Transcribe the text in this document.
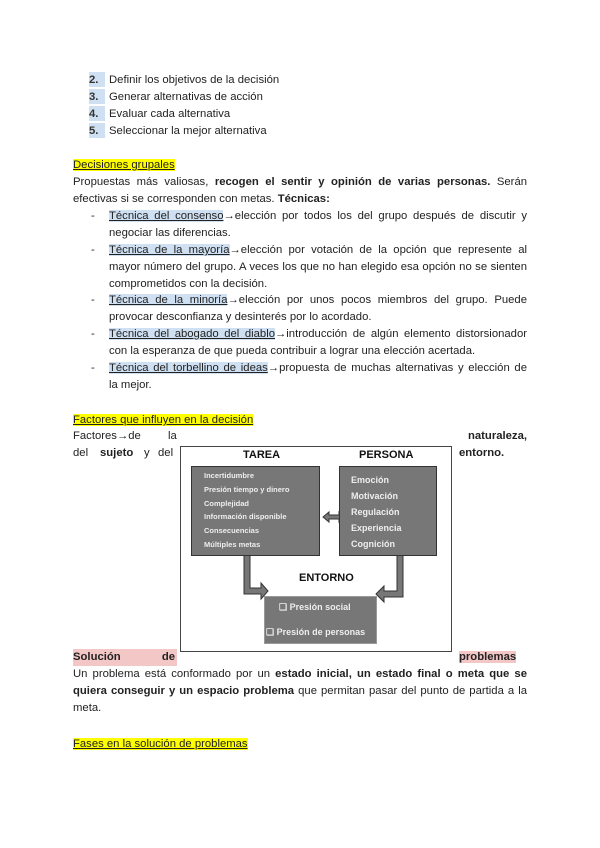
2. Definir los objetivos de la decisión
3. Generar alternativas de acción
4. Evaluar cada alternativa
5. Seleccionar la mejor alternativa
Decisiones grupales
Propuestas más valiosas, recogen el sentir y opinión de varias personas. Serán
efectivas si se corresponden con metas. Técnicas:
-	Técnica del consenso→elección por todos los del grupo después de discutir y
negociar las diferencias.
-	Técnica de la mayoría→elección por votación de la opción que represente al
mayor número del grupo. A veces los que no han elegido esa opción no se sienten
comprometidos con la decisión.
-	Técnica de la minoría→elección por unos pocos miembros del grupo. Puede
provocar desconfianza y desinterés por lo acordado.
-	Técnica del abogado del diablo→introducción de algún elemento distorsionador
con la esperanza de que pueda contribuir a lograr una elección acertada.
-	Técnica del torbellino de ideas→propuesta de muchas alternativas y elección de
la mejor.
Factores que influyen en la decisión
Factores→de la	naturaleza,
del sujeto y del	entorno.
TAREA	PERSONA
ENTORNO
Incertidumbre
Presión tiempo y dinero
Complejidad
Información disponible
Consecuencias
Múltiples metas
Emoción
Motivación
Regulación
Experiencia
Cognición
❏ Presión social
❏ Presión de personas
Solución	de	problemas
Un problema está conformado por un estado inicial, un estado final o meta que se
quiera conseguir y un espacio problema que permitan pasar del punto de partida a la
meta.
Fases en la solución de problemas
